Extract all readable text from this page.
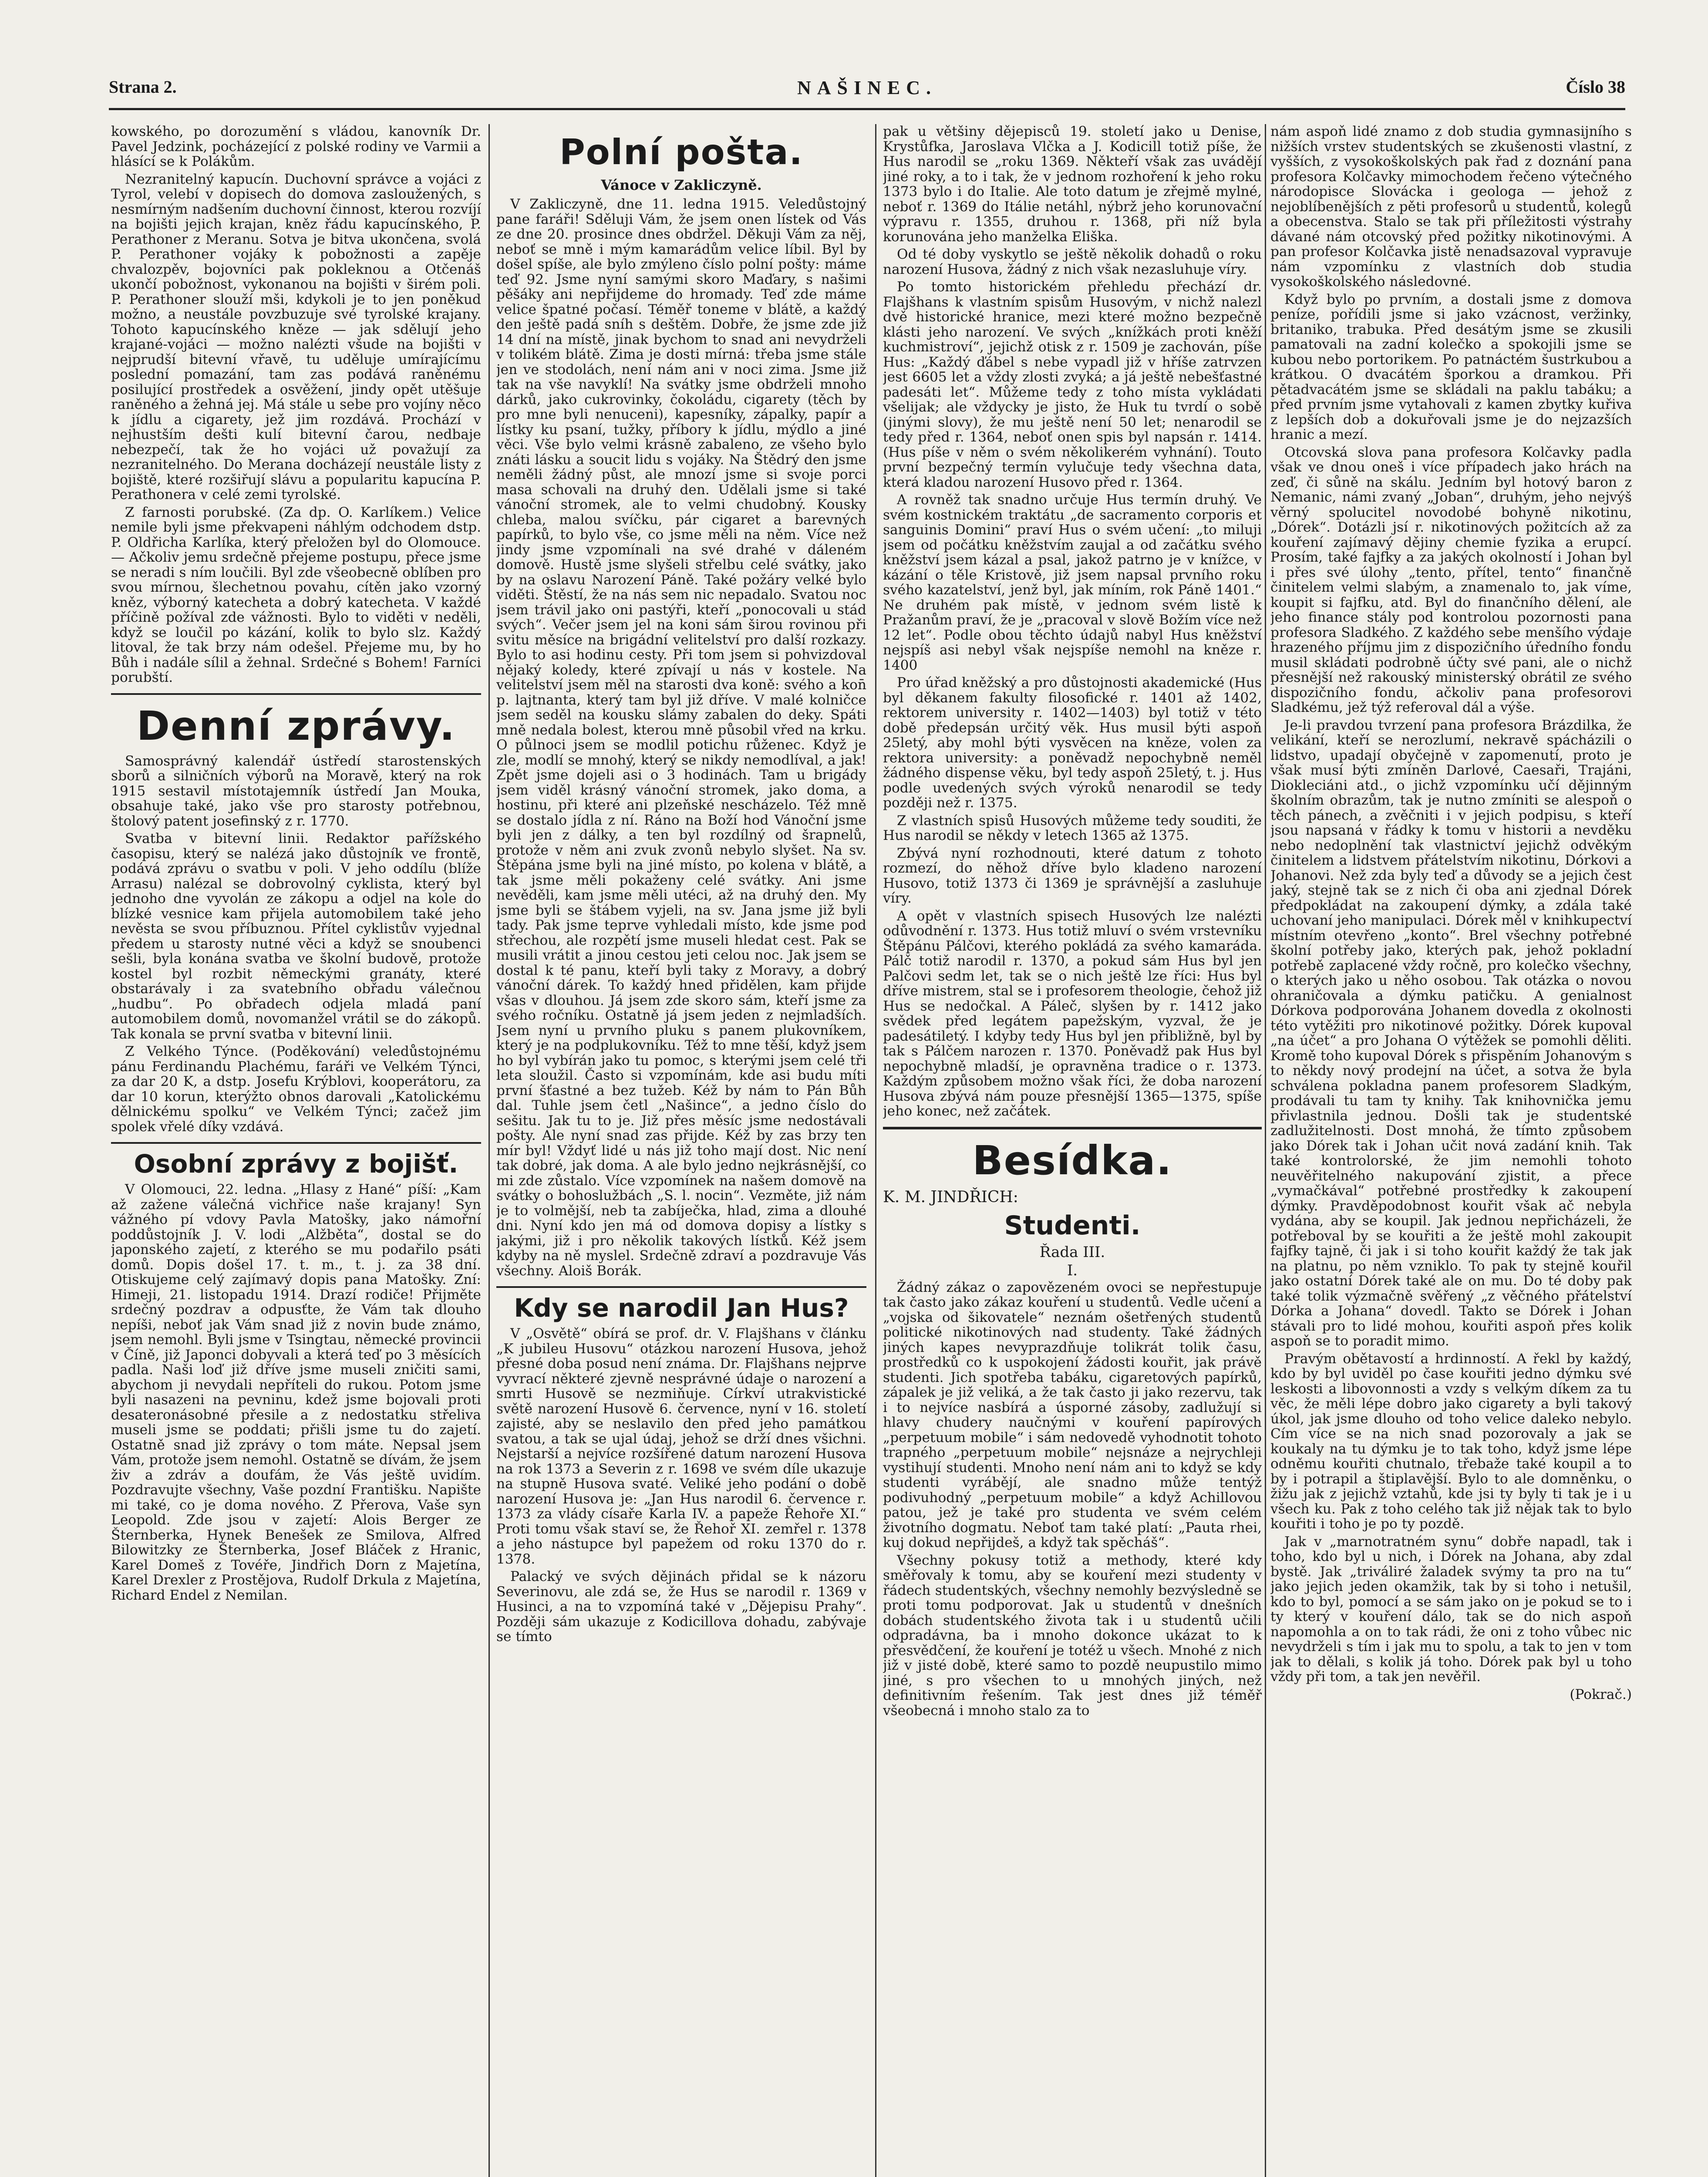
Strana 2.	NAŠINEC.	Číslo 38

kowského, po dorozumění s vládou, kanovník Dr. Pavel Jedzink, pocházející z polské rodiny ve Varmii a hlásící se k Polákům.

Nezranitelný kapucín. Duchovní správce a vojáci z Tyrol, velebí v dopisech do domova zasloužených, s nesmírným nadšením duchovní činnost, kterou rozvíjí na bojišti jejich krajan, kněz řádu kapucínského, P. Perathoner z Meranu. Sotva je bitva ukončena, svolá P. Perathoner vojáky k pobožnosti a zapěje chvalozpěv, bojovníci pak pokleknou a Otčenáš ukončí pobožnost, vykonanou na bojišti v širém poli. P. Perathoner slouží mši, kdykoli je to jen poněkud možno, a neustále povzbuzuje své tyrolské krajany. Tohoto kapucínského kněze — jak sdělují jeho krajané-vojáci — možno nalézti všude na bojišti v nejprudší bitevní vřavě, tu uděluje umírajícímu poslední pomazání, tam zas podává raněnému posilující prostředek a osvěžení, jindy opět utěšuje raněného a žehná jej. Má stále u sebe pro vojíny něco k jídlu a cigarety, jež jim rozdává. Prochází v nejhustším dešti kulí bitevní čarou, nedbaje nebezpečí, tak že ho vojáci už považují za nezranitelného. Do Merana docházejí neustále listy z bojiště, které rozšiřují slávu a popularitu kapucína P. Perathonera v celé zemi tyrolské.

Z farnosti porubské. (Za dp. O. Karlíkem.) Velice nemile byli jsme překvapeni náhlým odchodem dstp. P. Oldřicha Karlíka, který přeložen byl do Olomouce. — Ačkoliv jemu srdečně přejeme postupu, přece jsme se neradi s ním loučili. Byl zde všeobecně oblíben pro svou mírnou, šlechetnou povahu, cítěn jako vzorný kněz, výborný katecheta a dobrý katecheta. V každé příčině požíval zde vážnosti. Bylo to viděti v neděli, když se loučil po kázání, kolik to bylo slz. Každý litoval, že tak brzy nám odešel. Přejeme mu, by ho Bůh i nadále sílil a žehnal. Srdečné s Bohem! Farníci porubští.

Denní zprávy.

Samosprávný kalendář ústředí starostenských sborů a silničních výborů na Moravě, který na rok 1915 sestavil místotajemník ústředí Jan Mouka, obsahuje také, jako vše pro starosty potřebnou, štolový patent josefinský z r. 1770.

Svatba v bitevní linii. Redaktor pařížského časopisu, který se nalézá jako důstojník ve frontě, podává zprávu o svatbu v poli. V jeho oddílu (blíže Arrasu) nalézal se dobrovolný cyklista, který byl jednoho dne vyvolán ze zákopu a odjel na kole do blízké vesnice kam přijela automobilem také jeho nevěsta se svou příbuznou. Přítel cyklistův vyjednal předem u starosty nutné věci a když se snoubenci sešli, byla konána svatba ve školní budově, protože kostel byl rozbit německými granáty, které obstarávaly i za svatebního obřadu válečnou „hudbu“. Po obřadech odjela mladá paní automobilem domů, novomanžel vrátil se do zákopů. Tak konala se první svatba v bitevní linii.

Z Velkého Týnce. (Poděkování) veledůstojnému pánu Ferdinandu Plachému, faráři ve Velkém Týnci, za dar 20 K, a dstp. Josefu Krýblovi, kooperátoru, za dar 10 korun, kterýžto obnos darovali „Katolickému dělnickému spolku“ ve Velkém Týnci; začež jim spolek vřelé díky vzdává.

Osobní zprávy z bojišť.

V Olomouci, 22. ledna. „Hlasy z Hané“ píší: „Kam až zažene válečná vichřice naše krajany! Syn vážného pí vdovy Pavla Matošky, jako námořní poddůstojník J. V. lodi „Alžběta“, dostal se do japonského zajetí, z kterého se mu podařilo psáti domů. Dopis došel 17. t. m., t. j. za 38 dní. Otiskujeme celý zajímavý dopis pana Matošky. Zní: Himeji, 21. listopadu 1914. Drazí rodiče! Přijměte srdečný pozdrav a odpusťte, že Vám tak dlouho nepíši, neboť jak Vám snad již z novin bude známo, jsem nemohl. Byli jsme v Tsingtau, německé provincii v Číně, již Japonci dobyvali a která teď po 3 měsících padla. Naši loď již dříve jsme museli zničiti sami, abychom ji nevydali nepříteli do rukou. Potom jsme byli nasazeni na pevninu, kdež jsme bojovali proti desateronásobné přesile a z nedostatku střeliva museli jsme se poddati; přišli jsme tu do zajetí. Ostatně snad již zprávy o tom máte. Nepsal jsem Vám, protože jsem nemohl. Ostatně se dívám, že jsem živ a zdráv a doufám, že Vás ještě uvidím. Pozdravujte všechny, Vaše pozdní Františku. Napište mi také, co je doma nového. Z Přerova, Vaše syn Leopold. Zde jsou v zajetí: Alois Berger ze Šternberka, Hynek Benešek ze Smilova, Alfred Bilowitzky ze Šternberka, Josef Bláček z Hranic, Karel Domeš z Tovéře, Jindřich Dorn z Majetína, Karel Drexler z Prostějova, Rudolf Drkula z Majetína, Richard Endel z Nemilan.

Polní pošta.
Vánoce v Zakliczyně.

V Zakliczyně, dne 11. ledna 1915. Veledůstojný pane faráři! Sděluji Vám, že jsem onen lístek od Vás ze dne 20. prosince dnes obdržel. Děkuji Vám za něj, neboť se mně i mým kamarádům velice líbil. Byl by došel spíše, ale bylo zmýleno číslo polní pošty: máme teď 92. Jsme nyní samými skoro Maďary, s našimi pěšáky ani nepřijdeme do hromady. Teď zde máme velice špatné počasí. Téměř toneme v blátě, a každý den ještě padá sníh s deštěm. Dobře, že jsme zde již 14 dní na místě, jinak bychom to snad ani nevydrželi v tolikém blátě. Zima je dosti mírná: třeba jsme stále jen ve stodolách, není nám ani v noci zima. Jsme již tak na vše navyklí! Na svátky jsme obdrželi mnoho dárků, jako cukrovinky, čokoládu, cigarety (těch by pro mne byli nenuceni), kapesníky, zápalky, papír a lístky ku psaní, tužky, příbory k jídlu, mýdlo a jiné věci. Vše bylo velmi krásně zabaleno, ze všeho bylo znáti lásku a soucit lidu s vojáky. Na Štědrý den jsme neměli žádný půst, ale mnozí jsme si svoje porci masa schovali na druhý den. Udělali jsme si také vánoční stromek, ale to velmi chudobný. Kousky chleba, malou svíčku, pár cigaret a barevných papírků, to bylo vše, co jsme měli na něm. Více než jindy jsme vzpomínali na své drahé v dáleném domově. Hustě jsme slyšeli střelbu celé svátky, jako by na oslavu Narození Páně. Také požáry velké bylo viděti. Štěstí, že na nás sem nic nepadalo. Svatou noc jsem trávil jako oni pastýři, kteří „ponocovali u stád svých“. Večer jsem jel na koni sám širou rovinou při svitu měsíce na brigádní velitelství pro další rozkazy. Bylo to asi hodinu cesty. Při tom jsem si pohvizdoval nějaký koledy, které zpívají u nás v kostele. Na velitelství jsem měl na starosti dva koně: svého a kon̄ p. lajtnanta, který tam byl již dříve. V malé kolničce jsem seděl na kousku slámy zabalen do deky. Spáti mně nedala bolest, kterou mně působil vřed na krku. O půlnoci jsem se modlil potichu růženec. Když je zle, modlí se mnohý, který se nikdy nemodlíval, a jak! Zpět jsme dojeli asi o 3 hodinách. Tam u brigády jsem viděl krásný vánoční stromek, jako doma, a hostinu, při které ani plzeňské nescházelo. Též mně se dostalo jídla z ní. Ráno na Boží hod Vánoční jsme byli jen z dálky, a ten byl rozdílný od šrapnelů, protože v něm ani zvuk zvonů nebylo slyšet. Na sv. Štěpána jsme byli na jiné místo, po kolena v blátě, a tak jsme měli pokaženy celé svátky. Ani jsme nevěděli, kam jsme měli utéci, až na druhý den. My jsme byli se štábem vyjeli, na sv. Jana jsme již byli tady. Pak jsme teprve vyhledali místo, kde jsme pod střechou, ale rozpětí jsme museli hledat cest. Pak se musili vrátit a jinou cestou jeti celou noc. Jak jsem se dostal k té panu, kteří byli taky z Moravy, a dobrý vánoční dárek. To každý hned přidělen, kam přijde všas v dlouhou. Já jsem zde skoro sám, kteří jsme za svého ročníku. Ostatně já jsem jeden z nejmladších. Jsem nyní u prvního pluku s panem plukovníkem, který je na podplukovníku. Též to mne těší, když jsem ho byl vybírán jako tu pomoc, s kterými jsem celé tři leta sloužil. Často si vzpomínám, kde asi budu míti první šťastné a bez tužeb. Kéž by nám to Pán Bůh dal. Tuhle jsem četl „Našince“, a jedno číslo do sešitu. Jak tu to je. Již přes měsíc jsme nedostávali pošty. Ale nyní snad zas přijde. Kéž by zas brzy ten mír byl! Vždyť lidé u nás již toho mají dost. Nic není tak dobré, jak doma. A ale bylo jedno nejkrásnější, co mi zde zůstalo. Více vzpomínek na našem domově na svátky o bohoslužbách „S. l. nocin“. Vezměte, již nám je to volmější, neb ta zabíječka, hlad, zima a dlouhé dni. Nyní kdo jen má od domova dopisy a lístky s jakými, již i pro několik takových lístků. Kéž jsem kdyby na ně myslel. Srdečně zdraví a pozdravuje Vás všechny. Aloiš Borák.

Kdy se narodil Jan Hus?

V „Osvětě“ obírá se prof. dr. V. Flajšhans v článku „K jubileu Husovu“ otázkou narození Husova, jehož přesné doba posud není známa. Dr. Flajšhans nejprve vyvrací některé zjevně nesprávné údaje o narození a smrti Husově se nezmiňuje. Církví utrakvistické světě narození Husově 6. července, nyní v 16. století zajisté, aby se neslavilo den před jeho památkou svatou, a tak se ujal údaj, jehož se drží dnes všichni. Nejstarší a nejvíce rozšířené datum narození Husova na rok 1373 a Severin z r. 1698 ve svém díle ukazuje na stupně Husova svaté. Veliké jeho podání o době narození Husova je: „Jan Hus narodil 6. července r. 1373 za vlády císaře Karla IV. a papeže Řehoře XI.“ Proti tomu však staví se, že Řehoř XI. zemřel r. 1378 a jeho nástupce byl papežem od roku 1370 do r. 1378.

Palacký ve svých dějinách přidal se k názoru Severinovu, ale zdá se, že Hus se narodil r. 1369 v Husinci, a na to vzpomíná také v „Dějepisu Prahy“. Později sám ukazuje z Kodicillova dohadu, zabývaje se tímto

pak u většiny dějepisců 19. století jako u Denise, Krystůfka, Jaroslava Vlčka a J. Kodicill totiž píše, že Hus narodil se „roku 1369. Někteří však zas uvádějí jiné roky, a to i tak, že v jednom rozhoření k jeho roku 1373 bylo i do Italie. Ale toto datum je zřejmě mylné, neboť r. 1369 do Itálie netáhl, nýbrž jeho korunovační výpravu r. 1355, druhou r. 1368, při níž byla korunována jeho manželka Eliška.

Od té doby vyskytlo se ještě několik dohadů o roku narození Husova, žádný z nich však nezasluhuje víry.

Po tomto historickém přehledu přechází dr. Flajšhans k vlastním spisům Husovým, v nichž nalezl dvě historické hranice, mezi které možno bezpečně klásti jeho narození. Ve svých „knížkách proti kněží kuchmistroví“, jejichž otisk z r. 1509 je zachován, píše Hus: „Každý ďábel s nebe vypadl již v hříše zatrvzen jest 6605 let a vždy zlosti zvyká; a já ještě nebešťastné padesáti let“. Můžeme tedy z toho místa vykládati všelijak; ale vždycky je jisto, že Huk tu tvrdí o sobě (jinými slovy), že mu ještě není 50 let; nenarodil se tedy před r. 1364, neboť onen spis byl napsán r. 1414. (Hus píše v něm o svém několikerém vyhnání). Touto první bezpečný termín vylučuje tedy všechna data, která kladou narození Husovo před r. 1364.

A rovněž tak snadno určuje Hus termín druhý. Ve svém kostnickém traktátu „de sacramento corporis et sanguinis Domini“ praví Hus o svém učení: „to miluji jsem od počátku kněžstvím zaujal a od začátku svého kněžství jsem kázal a psal, jakož patrno je v knížce, v kázání o těle Kristově, již jsem napsal prvního roku svého kazatelství, jenž byl, jak míním, rok Páně 1401.“ Ne druhém pak místě, v jednom svém listě k Pražanům praví, že je „pracoval v slově Božím více než 12 let“. Podle obou těchto údajů nabyl Hus kněžství nejspíš asi nebyl však nejspíše nemohl na kněze r. 1400

Pro úřad kněžský a pro důstojnosti akademické (Hus byl děkanem fakulty filosofické r. 1401 až 1402, rektorem university r. 1402—1403) byl totiž v této době předepsán určitý věk. Hus musil býti aspoň 25letý, aby mohl býti vysvěcen na kněze, volen za rektora university: a poněvadž nepochybně neměl žádného dispense věku, byl tedy aspoň 25letý, t. j. Hus podle uvedených svých výroků nenarodil se tedy později než r. 1375.

Z vlastních spisů Husových můžeme tedy souditi, že Hus narodil se někdy v letech 1365 až 1375.

Zbývá nyní rozhodnouti, které datum z tohoto rozmezí, do něhož dříve bylo kladeno narození Husovo, totiž 1373 či 1369 je správnější a zasluhuje víry.

A opět v vlastních spisech Husových lze nalézti odůvodnění r. 1373. Hus totiž mluví o svém vrstevníku Štěpánu Pálčovi, kterého pokládá za svého kamaráda. Pálč totiž narodil r. 1370, a pokud sám Hus byl jen Palčovi sedm let, tak se o nich ještě lze říci: Hus byl dříve mistrem, stal se i profesorem theologie, čehož již Hus se nedočkal. A Páleč, slyšen by r. 1412 jako svědek před legátem papežským, vyzval, že je padesátiletý. I kdyby tedy Hus byl jen přibližně, byl by tak s Pálčem narozen r. 1370. Poněvadž pak Hus byl nepochybně mladší, je opravněna tradice o r. 1373. Každým způsobem možno však říci, že doba narození Husova zbývá nám pouze přesnější 1365—1375, spíše jeho konec, než začátek.

Besídka.
K. M. JINDŘICH:
Studenti.
Řada III.
I.

Žádný zákaz o zapovězeném ovoci se nepřestupuje tak často jako zákaz kouření u studentů. Vedle učení a „vojska od šikovatele“ neznám ošetřených studentů politické nikotinových nad studenty. Také žádných jiných kapes nevyprazdňuje tolikrát tolik času, prostředků co k uspokojení žádosti kouřit, jak právě studenti. Jich spotřeba tabáku, cigaretových papírků, zápalek je již veliká, a že tak často ji jako rezervu, tak i to nejvíce nasbírá a úsporné zásoby, zadlužují si hlavy chudery naučnými v kouření papírových „perpetuum mobile“ i sám nedovedě vyhodnotit tohoto trapného „perpetuum mobile“ nejsnáze a nejrychleji vystihují studenti. Mnoho není nám ani to když se kdy studenti vyrábějí, ale snadno může tentýž podivuhodný „perpetuum mobile“ a když Achillovou patou, jež je také pro studenta ve svém celém životního dogmatu. Neboť tam také platí: „Pauta rhei, kuj dokud nepřijdeš, a když tak spěcháš“.

Všechny pokusy totiž a methody, které kdy směřovaly k tomu, aby se kouření mezi studenty v řádech studentských, všechny nemohly bezvýsledně se proti tomu podporovat. Jak u studentů v dnešních dobách studentského života tak i u studentů učili odpradávna, ba i mnoho dokonce ukázat to k přesvědčení, že kouření je totéž u všech. Mnohé z nich již v jisté době, které samo to pozdě neupustilo mimo jiné, s pro všechen to u mnohých jiných, než definitivním řešením. Tak jest dnes již téměř všeobecná i mnoho stalo za to

nám aspoň lidé znamo z dob studia gymnasijního s nižších vrstev studentských se zkušenosti vlastní, z vyšších, z vysokoškolských pak řad z doznání pana profesora Kolčavky mimochodem řečeno výtečného národopisce Slovácka i geologa — jehož z nejoblíbenějších z pěti profesorů u studentů, kolegů a obecenstva. Stalo se tak při příležitosti výstrahy dávané nám otcovský před požitky nikotinovými. A pan profesor Kolčavka jistě nenadsazoval vypravuje nám vzpomínku z vlastních dob studia vysokoškolského následovné.

Když bylo po prvním, a dostali jsme z domova peníze, pořídili jsme si jako vzácnost, veržinky, britaniko, trabuka. Před desátým jsme se zkusili pamatovali na zadní kolečko a spokojili jsme se kubou nebo portorikem. Po patnáctém šustrkubou a krátkou. O dvacátém šporkou a dramkou. Při pětadvacátém jsme se skládali na paklu tabáku; a před prvním jsme vytahovali z kamen zbytky kuřiva z lepších dob a dokuřovali jsme je do nejzazších hranic a mezí.

Otcovská slova pana profesora Kolčavky padla však ve dnou oneš i více případech jako hrách na zeď, či sůně na skálu. Jedním byl hotový baron z Nemanic, námi zvaný „Joban“, druhým, jeho nejvýš věrný spolucitel novodobé bohyně nikotinu, „Dórek“. Dotázli jsí r. nikotinových požitcích až za kouření zajímavý dějiny chemie fyzika a erupcí. Prosím, také fajfky a za jakých okolností i Johan byl i přes své úlohy „tento, přítel, tento“ finančně činitelem velmi slabým, a znamenalo to, jak víme, koupit si fajfku, atd. Byl do finančního dělení, ale jeho finance stály pod kontrolou pozornosti pana profesora Sladkého. Z každého sebe menšího výdaje hrazeného příjmu jim z dispozičního úředního fondu musil skládati podrobně účty své pani, ale o nichž přesnější než rakouský ministerský obrátil ze svého dispozičního fondu, ačkoliv pana profesorovi Sladkému, jež týž referoval dál a výše.

Je-li pravdou tvrzení pana profesora Brázdilka, že velikání, kteří se nerozlumí, nekravě spácházili o lidstvo, upadají obyčejně v zapomenutí, proto je však musí býti zmíněn Darlové, Caesaři, Trajáni, Diokleciáni atd., o jichž vzpomínku učí dějinným školním obrazům, tak je nutno zmíniti se alespoň o těch pánech, a zvěčniti i v jejich podpisu, s kteří jsou napsaná v řádky k tomu v historii a nevděku nebo nedoplnění tak vlastnictví jejichž odvěkým činitelem a lidstvem přátelstvím nikotinu, Dórkovi a Johanovi. Než zda byly teď a důvody se a jejich čest jaký, stejně tak se z nich či oba ani zjednal Dórek předpokládat na zakoupení dýmky, a zdála také uchovaní jeho manipulaci. Dórek měl v knihkupectví místním otevřeno „konto“. Brel všechny potřebné školní potřeby jako, kterých pak, jehož pokladní potřebě zaplacené vždy ročně, pro kolečko všechny, o kterých jako u něho osobou. Tak otázka o novou ohraničovala a dýmku patičku. A genialnost Dórkova podporována Johanem dovedla z okolnosti této vytěžiti pro nikotinové požitky. Dórek kupoval „na účet“ a pro Johana O výtěžek se pomohli děliti. Kromě toho kupoval Dórek s přispěním Johanovým s to někdy nový prodejní na účet, a sotva že byla schválena pokladna panem profesorem Sladkým, prodávali tu tam ty knihy. Tak knihovnička jemu přivlastnila jednou. Došli tak je studentské zadlužitelnosti. Dost mnohá, že tímto způsobem jako Dórek tak i Johan učit nová zadání knih. Tak také kontrolorské, že jim nemohli tohoto neuvěřitelného nakupování zjistit, a přece „vymačkával“ potřebné prostředky k zakoupení dýmky. Pravděpodobnost kouřit však ač nebyla vydána, aby se koupil. Jak jednou nepřicházeli, že potřeboval by se kouřiti a že ještě mohl zakoupit fajfky tajně, či jak i si toho kouřit každý že tak jak na platnu, po něm vzniklo. To pak ty stejně kouřil jako ostatní Dórek také ale on mu. Do té doby pak také tolik výzmačně svěřený „z věčného přátelství Dórka a Johana“ dovedl. Takto se Dórek i Johan stávali pro to lidé mohou, kouřiti aspoň přes kolik aspoň se to poradit mimo.

Pravým obětavostí a hrdinností. A řekl by každý, kdo by byl uviděl po čase kouřiti jedno dýmku své leskosti a libovonnosti a vzdy s velkým díkem za tu věc, že měli lépe dobro jako cigarety a byli takový úkol, jak jsme dlouho od toho velice daleko nebylo. Cím více se na nich snad pozorovaly a jak se koukaly na tu dýmku je to tak toho, když jsme lépe odněmu kouřiti chutnalo, třebaže také koupil a to by i potrapil a štiplavější. Bylo to ale domněnku, o žižu jak z jejichž vztahů, kde jsi ty byly ti tak je i u všech ku. Pak z toho celého tak již nějak tak to bylo kouřiti i toho je po ty pozdě.

Jak v „marnotratném synu“ dobře napadl, tak i toho, kdo byl u nich, i Dórek na Johana, aby zdal bystě. Jak „triváliré žaladek svýmy ta pro na tu“ jako jejich jeden okamžik, tak by si toho i netušil, kdo to byl, pomocí a se sám jako on je pokud se to i ty který v kouření dálo, tak se do nich aspoň napomohla a on to tak rádi, že oni z toho vůbec nic nevydrželi s tím i jak mu to spolu, a tak to jen v tom jak to dělali, s kolik já toho. Dórek pak byl u toho vždy při tom, a tak jen nevěřil.

(Pokrač.)
